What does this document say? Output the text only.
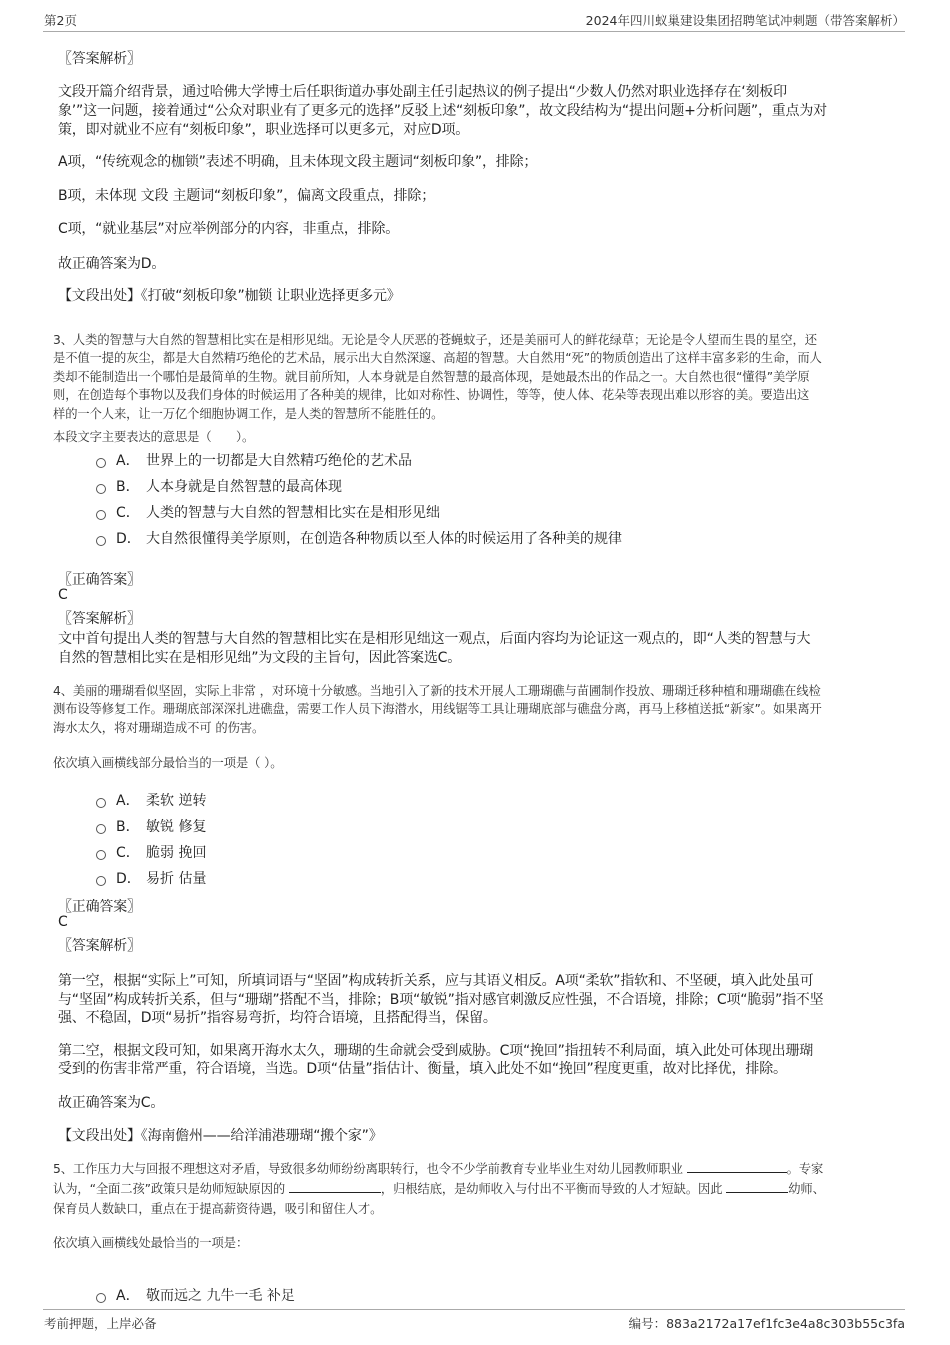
第2页	2024年四川蚁巢建设集团招聘笔试冲刺题（带答案解析）
〖答案解析〗
文段开篇介绍背景，通过哈佛大学博士后任职街道办事处副主任引起热议的例子提出“少数人仍然对职业选择存在‘刻板印
象’”这一问题，接着通过“公众对职业有了更多元的选择”反驳上述“刻板印象”，故文段结构为“提出问题+分析问题”，重点为对
策，即对就业不应有“刻板印象”，职业选择可以更多元，对应D项。
A项，“传统观念的枷锁”表述不明确，且未体现文段主题词“刻板印象”，排除；
B项，未体现 文段 主题词“刻板印象”，偏离文段重点，排除；
C项，“就业基层”对应举例部分的内容，非重点，排除。
故正确答案为D。
【文段出处】《打破“刻板印象”枷锁 让职业选择更多元》
3、人类的智慧与大自然的智慧相比实在是相形见绌。无论是令人厌恶的苍蝇蚊子，还是美丽可人的鲜花绿草；无论是令人望而生畏的星空，还
是不值一提的灰尘，都是大自然精巧绝伦的艺术品，展示出大自然深邃、高超的智慧。大自然用“死”的物质创造出了这样丰富多彩的生命，而人
类却不能制造出一个哪怕是最简单的生物。就目前所知，人本身就是自然智慧的最高体现，是她最杰出的作品之一。大自然也很“懂得”美学原
则，在创造每个事物以及我们身体的时候运用了各种美的规律，比如对称性、协调性，等等，使人体、花朵等表现出难以形容的美。要造出这
样的一个人来，让一万亿个细胞协调工作，是人类的智慧所不能胜任的。
本段文字主要表达的意思是（　　）。
A． 世界上的一切都是大自然精巧绝伦的艺术品
B． 人本身就是自然智慧的最高体现
C． 人类的智慧与大自然的智慧相比实在是相形见绌
D． 大自然很懂得美学原则，在创造各种物质以至人体的时候运用了各种美的规律
〖正确答案〗
C
〖答案解析〗
文中首句提出人类的智慧与大自然的智慧相比实在是相形见绌这一观点，后面内容均为论证这一观点的，即“人类的智慧与大
自然的智慧相比实在是相形见绌”为文段的主旨句，因此答案选C。
4、美丽的珊瑚看似坚固，实际上非常 ，对环境十分敏感。当地引入了新的技术开展人工珊瑚礁与苗圃制作投放、珊瑚迁移种植和珊瑚礁在线检
测布设等修复工作。珊瑚底部深深扎进礁盘，需要工作人员下海潜水，用线锯等工具让珊瑚底部与礁盘分离，再马上移植送抵“新家”。如果离开
海水太久，将对珊瑚造成不可 的伤害。
依次填入画横线部分最恰当的一项是（ ）。
A． 柔软 逆转
B． 敏锐 修复
C． 脆弱 挽回
D． 易折 估量
〖正确答案〗
C
〖答案解析〗
第一空，根据“实际上”可知，所填词语与“坚固”构成转折关系，应与其语义相反。A项“柔软”指软和、不坚硬，填入此处虽可
与“坚固”构成转折关系，但与“珊瑚”搭配不当，排除；B项“敏锐”指对感官刺激反应性强，不合语境，排除；C项“脆弱”指不坚
强、不稳固，D项“易折”指容易弯折，均符合语境，且搭配得当，保留。
第二空，根据文段可知，如果离开海水太久，珊瑚的生命就会受到威胁。C项“挽回”指扭转不利局面，填入此处可体现出珊瑚
受到的伤害非常严重，符合语境，当选。D项“估量”指估计、衡量，填入此处不如“挽回”程度更重，故对比择优，排除。
故正确答案为C。
【文段出处】《海南儋州——给洋浦港珊瑚“搬个家”》
5、工作压力大与回报不理想这对矛盾，导致很多幼师纷纷离职转行，也令不少学前教育专业毕业生对幼儿园教师职业	。专家
认为，“全面二孩”政策只是幼师短缺原因的	，归根结底，是幼师收入与付出不平衡而导致的人才短缺。因此	幼师、
保育员人数缺口，重点在于提高薪资待遇，吸引和留住人才。
依次填入画横线处最恰当的一项是：
A． 敬而远之 九牛一毛 补足
考前押题，上岸必备	编号：883a2172a17ef1fc3e4a8c303b55c3fa
